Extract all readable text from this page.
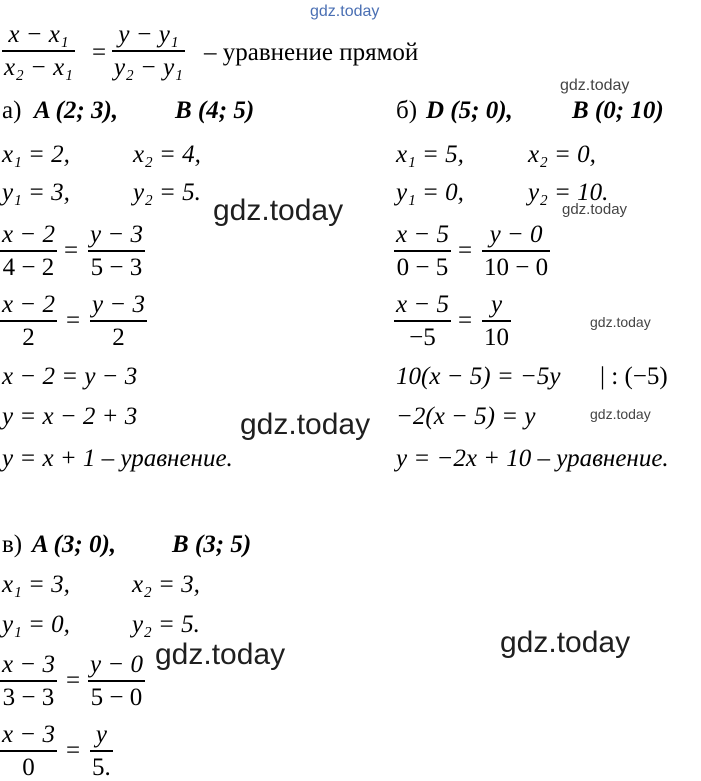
gdz.today
gdz.today
gdz.today	gdz.today
gdz.today
gdz.today	gdz.today
gdz.today	gdz.today
x − x₁
x₂ − x₁
=
y − y₁
y₂ − y₁
– уравнение прямой
а) A (2; 3), B (4; 5)
x₁ = 2,	x₂ = 4,
y₁ = 3,	y₂ = 5.
x − 2
4 − 2
=
y − 3
5 − 3
x − 2
2
=
y − 3
2
x − 2 = y − 3
y = x − 2 + 3
y = x + 1 – уравнение.
б) D (5; 0), B (0; 10)
x₁ = 5,	x₂ = 0,
y₁ = 0,	y₂ = 10.
x − 5
0 − 5
=
y − 0
10 − 0
x − 5
−5
=
y
10
10(x − 5) = −5y | : (−5)
−2(x − 5) = y
y = −2x + 10 – уравнение.
в) A (3; 0), B (3; 5)
x₁ = 3, x₂ = 3,
y₁ = 0, y₂ = 5.
x − 3
3 − 3
=
y − 0
5 − 0
x − 3
0
=
y
5.
